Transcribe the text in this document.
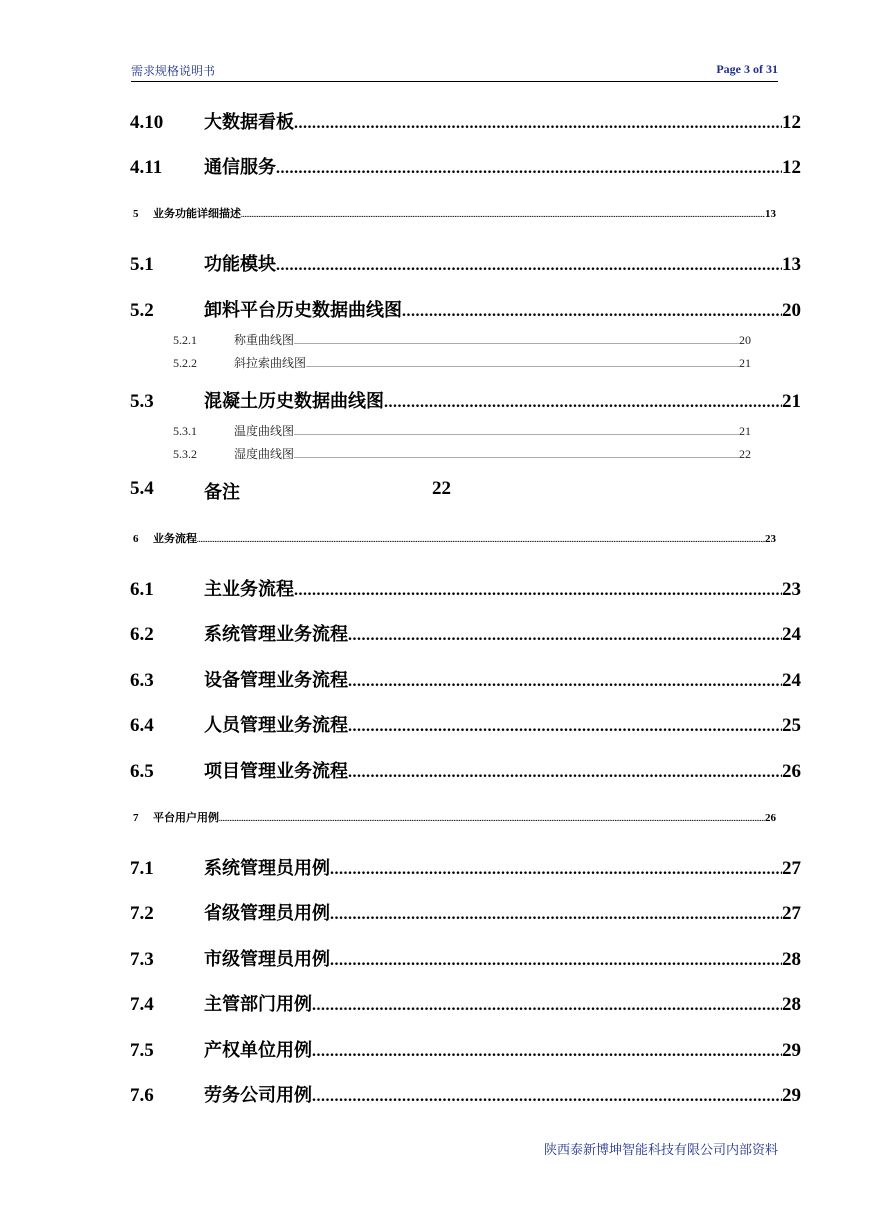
需求规格说明书	Page 3 of 31
4.10	大数据看板 .....	12
4.11	通信服务 .....	12
5	业务功能详细描述 .....	13
5.1	功能模块 .....	13
5.2	卸料平台历史数据曲线图 .....	20
5.2.1	称重曲线图 .....	20
5.2.2	斜拉索曲线图 .....	21
5.3	混凝土历史数据曲线图 .....	21
5.3.1	温度曲线图 .....	21
5.3.2	湿度曲线图 .....	22
5.4	备注	22
6	业务流程 .....	23
6.1	主业务流程 .....	23
6.2	系统管理业务流程 .....	24
6.3	设备管理业务流程 .....	24
6.4	人员管理业务流程 .....	25
6.5	项目管理业务流程 .....	26
7	平台用户用例 .....	26
7.1	系统管理员用例 .....	27
7.2	省级管理员用例 .....	27
7.3	市级管理员用例 .....	28
7.4	主管部门用例 .....	28
7.5	产权单位用例 .....	29
7.6	劳务公司用例 .....	29
陕西泰新博坤智能科技有限公司内部资料
